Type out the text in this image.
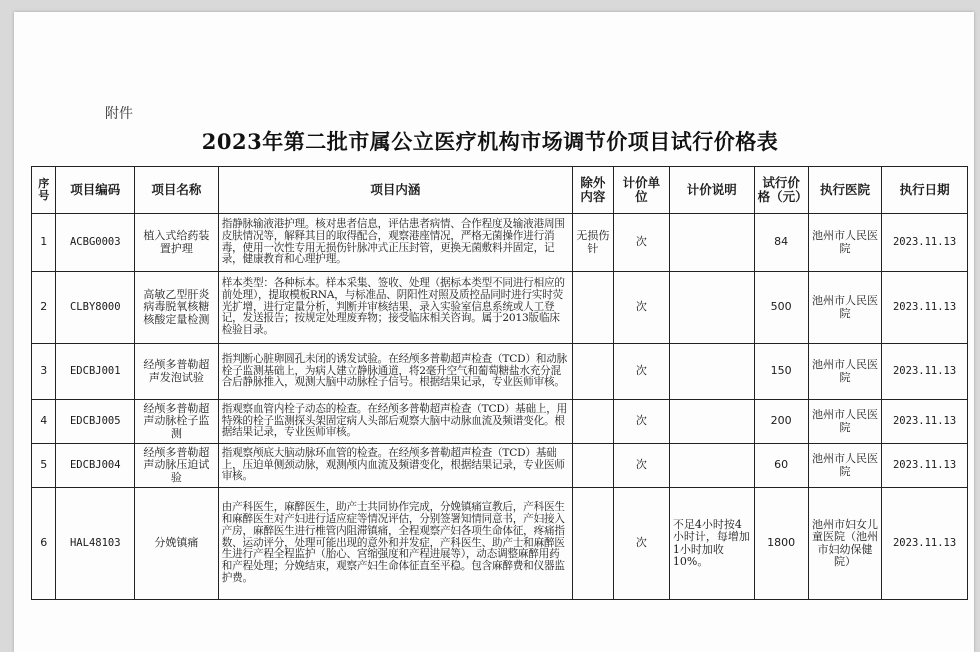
附件
2023年第二批市属公立医疗机构市场调节价项目试行价格表
序号	项目编码	项目名称	项目内涵	除外内容	计价单位	计价说明	试行价格（元）	执行医院	执行日期
1	ACBG0003	植入式给药装置护理	指静脉输液港护理。核对患者信息，评估患者病情、合作程度及输液港周围皮肤情况等，解释其目的取得配合，观察港座情况，严格无菌操作进行消毒，使用一次性专用无损伤针脉冲式正压封管，更换无菌敷料并固定，记录，健康教育和心理护理。	无损伤针	次		84	池州市人民医院	2023.11.13
2	CLBY8000	高敏乙型肝炎病毒脱氧核糖核酸定量检测	样本类型：各种标本。样本采集、签收、处理（据标本类型不同进行相应的前处理），提取模板RNA，与标准品、阴阳性对照及质控品同时进行实时荧光扩增，进行定量分析，判断并审核结果，录入实验室信息系统或人工登记，发送报告；按规定处理废弃物；接受临床相关咨询。属于2013版临床检验目录。		次		500	池州市人民医院	2023.11.13
3	EDCBJ001	经颅多普勒超声发泡试验	指判断心脏卵圆孔未闭的诱发试验。在经颅多普勒超声检查（TCD）和动脉栓子监测基础上，为病人建立静脉通道，将2毫升空气和葡萄糖盐水充分混合后静脉推入，观测大脑中动脉栓子信号。根据结果记录，专业医师审核。		次		150	池州市人民医院	2023.11.13
4	EDCBJ005	经颅多普勒超声动脉栓子监测	指观察血管内栓子动态的检查。在经颅多普勒超声检查（TCD）基础上，用特殊的栓子监测探头架固定病人头部后观察大脑中动脉血流及频谱变化。根据结果记录，专业医师审核。		次		200	池州市人民医院	2023.11.13
5	EDCBJ004	经颅多普勒超声动脉压迫试验	指观察颅底大脑动脉环血管的检查。在经颅多普勒超声检查（TCD）基础上，压迫单侧颈动脉，观测颅内血流及频谱变化，根据结果记录，专业医师审核。		次		60	池州市人民医院	2023.11.13
6	HAL48103	分娩镇痛	由产科医生，麻醉医生，助产士共同协作完成，分娩镇痛宣教后，产科医生和麻醉医生对产妇进行适应症等情况评估，分别签署知情同意书，产妇接入产房，麻醉医生进行椎管内阻滞镇痛，全程观察产妇各项生命体征，疼痛指数、运动评分，处理可能出现的意外和并发症，产科医生、助产士和麻醉医生进行产程全程监护（胎心、宫缩强度和产程进展等），动态调整麻醉用药和产程处理；分娩结束，观察产妇生命体征直至平稳。包含麻醉费和仪器监护费。		次	不足4小时按4小时计，每增加1小时加收10%。	1800	池州市妇女儿童医院（池州市妇幼保健院）	2023.11.13
